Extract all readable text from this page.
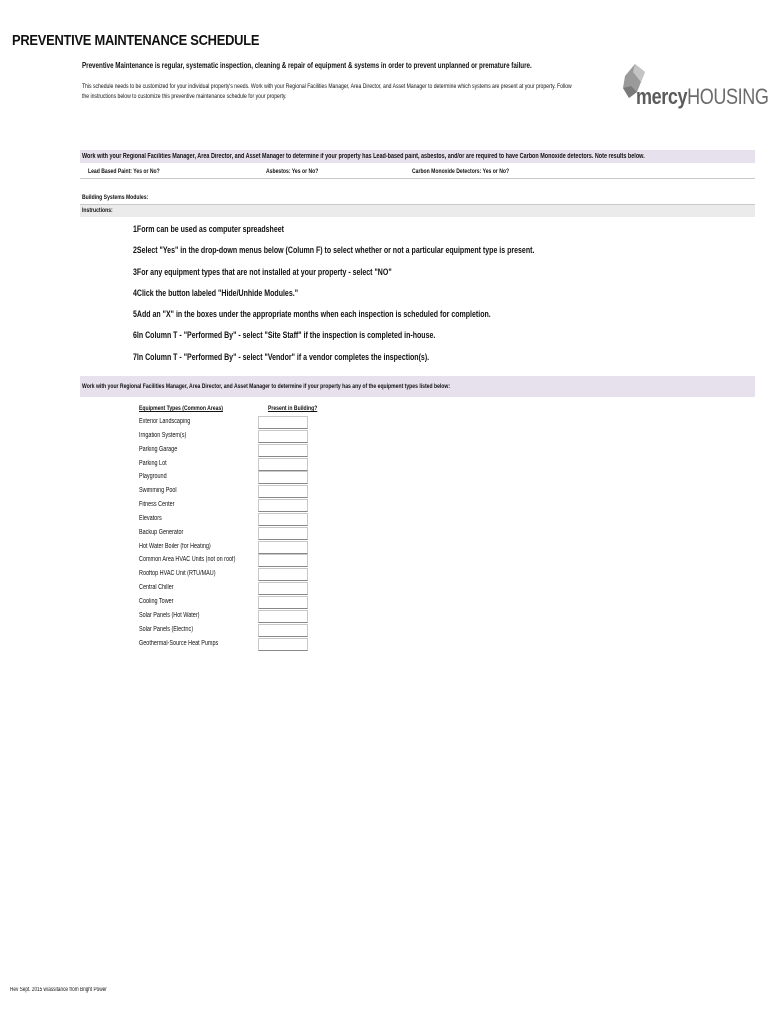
PREVENTIVE MAINTENANCE SCHEDULE
Preventive Maintenance is regular, systematic inspection, cleaning & repair of equipment & systems in order to prevent unplanned or premature failure.
This schedule needs to be customized for your individual property's needs. Work with your Regional Facilities Manager, Area Director, and Asset Manager to determine which systems are present at your property. Follow
the instructions below to customize this preventive maintenance schedule for your property.	mercyHOUSING
Work with your Regional Facilities Manager, Area Director, and Asset Manager to determine if your property has Lead-based paint, asbestos, and/or are required to have Carbon Monoxide detectors. Note results below.
Lead Based Paint: Yes or No?	Asbestos: Yes or No?	Carbon Monoxide Detectors: Yes or No?
Building Systems Modules:
Instructions:
1Form can be used as computer spreadsheet
2Select "Yes" in the drop-down menus below (Column F) to select whether or not a particular equipment type is present.
3For any equipment types that are not installed at your property - select "NO"
4Click the button labeled "Hide/Unhide Modules."
5Add an "X" in the boxes under the appropriate months when each inspection is scheduled for completion.
6In Column T - "Performed By" - select "Site Staff" if the inspection is completed in-house.
7In Column T - "Performed By" - select "Vendor" if a vendor completes the inspection(s).
Work with your Regional Facilities Manager, Area Director, and Asset Manager to determine if your property has any of the equipment types listed below:
Equipment Types (Common Areas)	Present in Building?
Exterior Landscaping
Irrigation System(s)
Parking Garage
Parking Lot
Playground
Swimming Pool
Fitness Center
Elevators
Backup Generator
Hot Water Boiler (for Heating)
Common Area HVAC Units (not on roof)
Rooftop HVAC Unit (RTU/MAU)
Central Chiller
Cooling Tower
Solar Panels (Hot Water)
Solar Panels (Electric)
Geothermal-Source Heat Pumps
Rev Sept. 2015 w/assitance from Bright Power
